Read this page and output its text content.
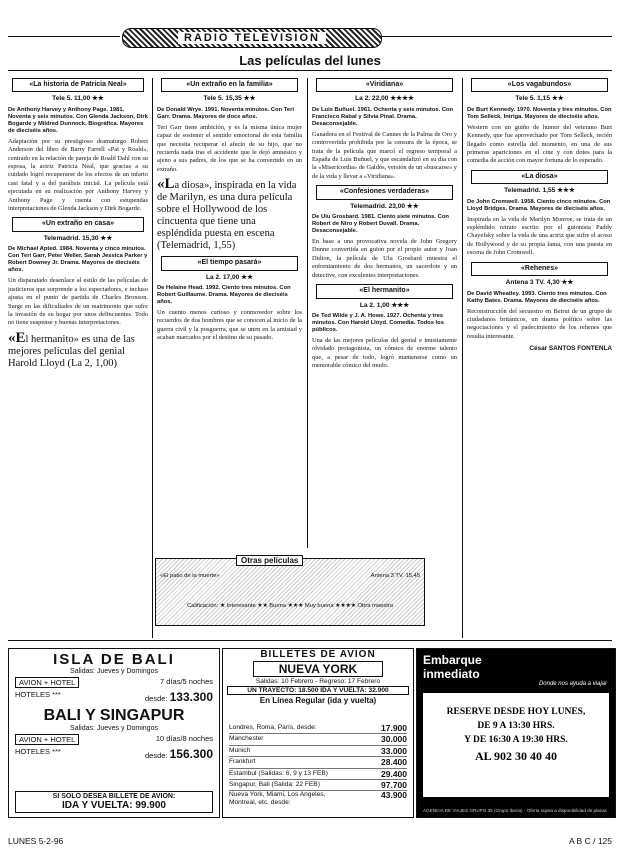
RADIO TELEVISION
Las películas del lunes
«La historia de Patricia Neal»
Tele 5. 11,00 ★★
De Anthony Harvey y Anthony Page. 1981. Noventa y seis minutos. Con Glenda Jackson, Dirk Bogarde y Mildred Dunnock. Biográfica. Mayores de dieciséis años.
Adaptación por su prestigioso dramaturgo Robert Anderson del libro de Barry Farrell «Pat y Roald», centrado en la relación de pareja de Roald Dahl con su esposa, la actriz Patricia Neal, que gracias a su cuidado logró recuperarse de los efectos de un infarto casi fatal y a del parálisis inicial. La película está ejecutada en su realización por Anthony Harvey y Anthony Page y cuenta con estupendas interpretaciones de Glenda Jackson y Dirk Bogarde.
«Un extraño en casa»
Telemadrid. 15,30 ★★
De Michael Apted. 1984. Noventa y cinco minutos. Con Teri Garr, Peter Weller, Sarah Jessica Parker y Robert Downey Jr. Drama. Mayores de dieciséis años.
Un disparatado desenlace al estilo de las películas de justicieros que sorprende a los espectadores, e incluso ajusta en el punto de partida de Charles Bronson. Surge en las dificultades de un matrimonio que sufre la invasión de su hogar por unos delincuentes. Todo no tiene suspense y buenas interpretaciones.
«El hermanito» es una de las mejores películas del genial Harold Lloyd (La 2, 1,00)
«Un extraño en la familia»
Tele 5. 15,35 ★★
De Donald Wrye. 1991. Noventa minutos. Con Teri Garr. Drama. Mayores de doce años.
Teri Garr tiene ambición, y es la misma única mujer capaz de sostener el sentido emocional de esta familia que necesita recuperar el afecto de su hijo, que no recuerda nada tras el accidente que le dejó amnésico y ajeno a sus padres, de los que se ha convertido en un extraño.
«La diosa», inspirada en la vida de Marilyn, es una dura película sobre el Hollywood de los cincuenta que tiene una espléndida puesta en escena (Telemadrid, 1,55)
«El tiempo pasará»
La 2. 17,00 ★★
De Helaine Head. 1992. Ciento tres minutos. Con Robert Guillaume. Drama. Mayores de dieciséis años.
Un cuento menos curioso y conmovedor sobre los recuerdos de dos hombres que se conocen al inicio de la guerra civil y la posguerra, que se unen en la amistad y acaban marcados por el destino de su pasado.
«Viridiana»
La 2. 22,00 ★★★★
De Luis Buñuel. 1961. Ochenta y seis minutos. Con Francisco Rabal y Silvia Pinal. Drama. Desaconsejable.
Ganadora en el Festival de Cannes de la Palma de Oro y controvertida prohibida por la censura de la época, se trata de la película que marcó el regreso temporal a España de Luis Buñuel, y que escandalizó en su día con la «Misericordia» de Galdós, versión de un «buscarse» y de la vida y llevar a «Viridiana».
«Confesiones verdaderas»
Telemadrid. 23,00 ★★
De Ulu Grosbard. 1981. Ciento siete minutos. Con Robert de Niro y Robert Duvall. Drama. Desaconsejable.
En base a una provocativa novela de John Gregory Dunne convertida en guion por el propio autor y Joan Didion, la película de Ulu Grosbard muestra el enfrentamiento de dos hermanos, un sacerdote y un detective, con excelentes interpretaciones.
«El hermanito»
La 2. 1,00 ★★★
De Ted Wilde y J. A. Howe. 1927. Ochenta y tres minutos. Con Harold Lloyd. Comedia. Todos los públicos.
Una de las mejores películas del genial e inusitamente olvidado protagonista, un cómico de enorme talento que, a pesar de todo, logró mantenerse como un memorable cómico del mudo.
«Los vagabundos»
Tele 5. 1,15 ★★
De Burt Kennedy. 1970. Noventa y tres minutos. Con Tom Selleck. Intriga. Mayores de dieciséis años.
Western con un guiño de humor del veterano Burt Kennedy, que fue aprovechado por Tom Selleck, recién llegado como estrella del momento, en una de sus primeras apariciones en el cine y con dotes para la comedia de acción con mayor fortuna de lo esperado.
«La diosa»
Telemadrid. 1,55 ★★★
De John Cromwell. 1958. Ciento cinco minutos. Con Lloyd Bridges. Drama. Mayores de dieciséis años.
Inspirada en la vida de Marilyn Monroe, se trata de un espléndido retrato escrito por el guionista Paddy Chayefsky sobre la vida de una actriz que sufre el acoso de Hollywood y de su propia fama, con una puesta en escena de John Cromwell.
«Rehenes»
Antena 3 TV. 4,30 ★★
De David Wheatley. 1993. Ciento tres minutos. Con Kathy Bates. Drama. Mayores de dieciséis años.
Reconstrucción del secuestro en Beirut de un grupo de ciudadanos británicos, un drama político sobre las negociaciones y el padecimiento de los rehenes que resulta interesante.
César SANTOS FONTENLA
Otras películas
«El patio de la muerte»	Antena 3 TV. 15,45
Calificación: ★ Interesante ★★ Buena ★★★ Muy buena ★★★★ Obra maestra
ISLA DE BALI
Salidas: Jueves y Domingos
AVION + HOTEL	7 días/5 noches
HOTELES ***	desde: 133.300
BALI Y SINGAPUR
Salidas: Jueves y Domingos
AVION + HOTEL	10 días/8 noches
HOTELES ***	desde: 156.300
SI SOLO DESEA BILLETE DE AVION:
IDA Y VUELTA: 99.900
BILLETES DE AVION
NUEVA YORK
Salidas: 10 Febrero - Regreso: 17 Febrero
UN TRAYECTO: 18.500 IDA Y VUELTA: 32.900
En Línea Regular (ida y vuelta)
Londres, Roma, París, desde:	17.900
Manchester	30.000
Munich	33.000
Frankfurt	28.400
Estambul (Salidas: 6, 9 y 13 FEB)	29.400
Singapur, Bali (Salida: 22 FEB)	97.700
Nueva York, Miami, Los Angeles, Montreal, etc. desde:
43.900
Embarque
inmediato
Donde nos ayuda a viajar
RESERVE DESDE HOY LUNES,
DE 9 A 13:30 HRS.
Y DE 16:30 A 19:30 HRS.
AL 902 30 40 40
AGENCIA DE VIAJES GRUPO 36 (Grupo Iberia) · Oferta sujeta a disponibilidad de plazas
LUNES 5-2-96	A B C / 125
